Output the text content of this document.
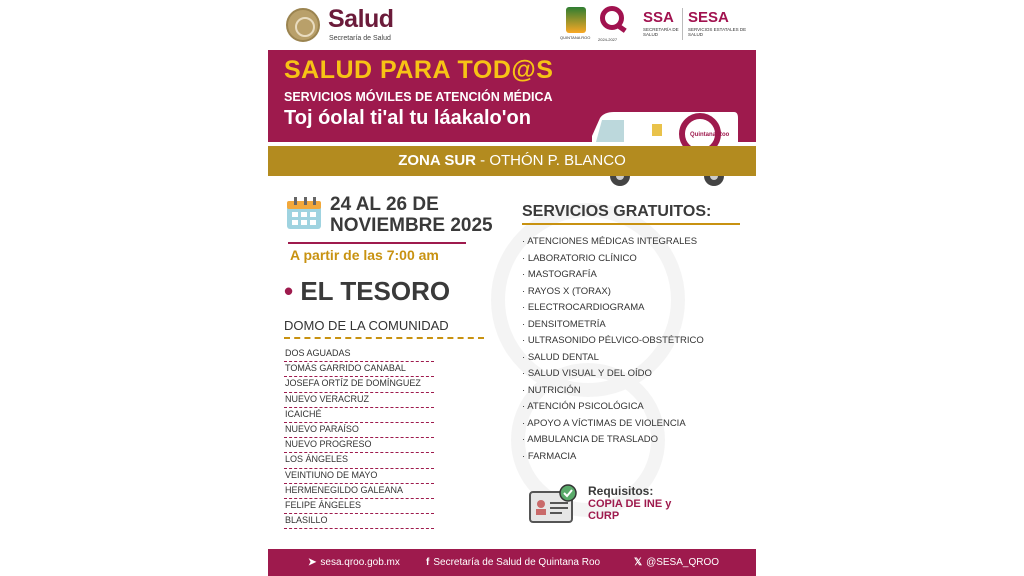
Salud
Secretaría de Salud	QUINTANA ROO 2024-2027
SSA
SECRETARÍA DE SALUD
SESA
SERVICIOS ESTATALES DE SALUD
SALUD PARA TOD@S
SERVICIOS MÓVILES DE ATENCIÓN MÉDICA
Toj óolal ti'al tu láakalo'on
Quintana Roo
ZONA SUR - OTHÓN P. BLANCO
24 AL 26 DE
NOVIEMBRE 2025
A partir de las 7:00 am
• EL TESORO
DOMO DE LA COMUNIDAD
DOS AGUADAS
TOMÁS GARRIDO CANABAL
JOSEFA ORTÍZ DE DOMÍNGUEZ
NUEVO VERACRUZ
ICAICHÉ
NUEVO PARAÍSO
NUEVO PROGRESO
LOS ÁNGELES
VEINTIUNO DE MAYO
HERMENEGILDO GALEANA
FELIPE ÁNGELES
BLASILLO
SERVICIOS GRATUITOS:
· ATENCIONES MÉDICAS INTEGRALES
· LABORATORIO CLÍNICO
· MASTOGRAFÍA
· RAYOS X (TORAX)
· ELECTROCARDIOGRAMA
· DENSITOMETRÍA
· ULTRASONIDO PÉLVICO-OBSTÉTRICO
· SALUD DENTAL
· SALUD VISUAL Y DEL OÍDO
· NUTRICIÓN
· ATENCIÓN PSICOLÓGICA
· APOYO A VÍCTIMAS DE VIOLENCIA
· AMBULANCIA DE TRASLADO
· FARMACIA
Requisitos:
COPIA DE INE y CURP
➤ sesa.qroo.gob.mx	f Secretaría de Salud de Quintana Roo	𝕏 @SESA_QROO
